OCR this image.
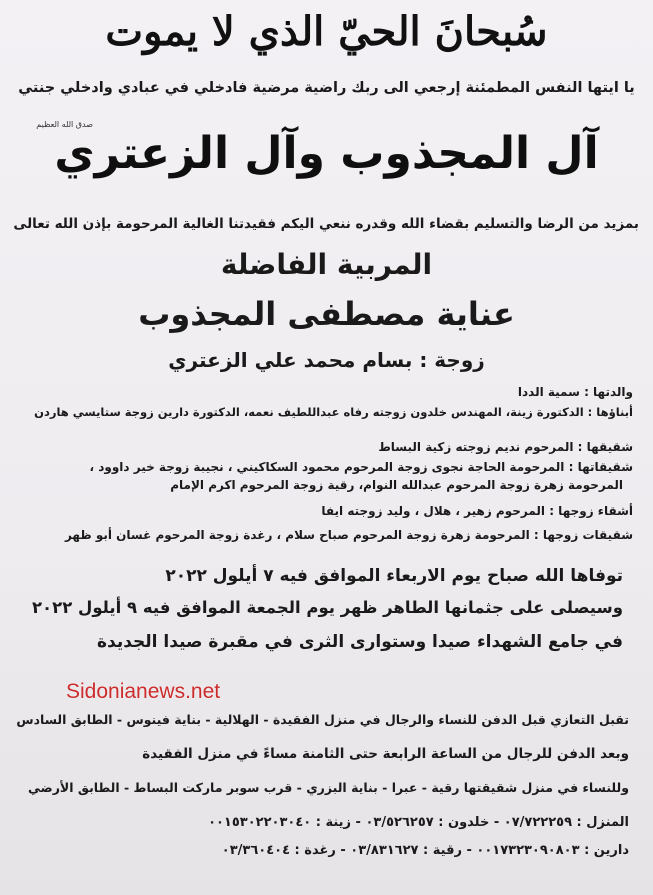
سُبحانَ الحيّ الذي لا يموت
يا ايتها النفس المطمئنة إرجعي الى ربك راضية مرضية فادخلي في عبادي وادخلي جنتي
صدق الله العظيم
آل المجذوب وآل الزعتري
بمزيد من الرضا والتسليم بقضاء الله وقدره ننعي اليكم فقيدتنا الغالية المرحومة بإذن الله تعالى
المربية الفاضلة
عناية مصطفى المجذوب
زوجة : بسام محمد علي الزعتري
والدتها : سمية الددا
أبناؤها : الدكتورة زينة، المهندس خلدون زوجته رفاه عبداللطيف نعمه، الدكتورة دارين زوجة ستايسي هاردن
شقيقها : المرحوم نديم زوجته زكية البساط
شقيقاتها : المرحومة الحاجة نجوى زوجة المرحوم محمود السكاكيني ، نجيبة زوجة خير داوود ،
المرحومة زهرة زوجة المرحوم عبدالله النوام، رقية زوجة المرحوم اكرم الإمام
أشقاء زوجها : المرحوم زهير ، هلال ، وليد زوجته ايفا
شقيقات زوجها : المرحومة زهرة زوجة المرحوم صباح سلام ، رغدة زوجة المرحوم غسان أبو ظهر
توفاها الله صباح يوم الاربعاء الموافق فيه ٧ أيلول ٢٠٢٢
وسيصلى على جثمانها الطاهر ظهر يوم الجمعة الموافق فيه ٩ أيلول ٢٠٢٢
في جامع الشهداء صيدا وستوارى الثرى في مقبرة صيدا الجديدة
Sidonianews.net
تقبل التعازي قبل الدفن للنساء والرجال في منزل الفقيدة - الهلالية - بناية فينوس - الطابق السادس
وبعد الدفن للرجال من الساعة الرابعة حتى الثامنة مساءً في منزل الفقيدة
وللنساء في منزل شقيقتها رقية - عبرا - بناية البزري - قرب سوبر ماركت البساط - الطابق الأرضي
المنزل : ٠٧/٧٢٢٢٥٩ - خلدون : ٠٣/٥٢٦٢٥٧ - زينة : ٠٠١٥٣٠٢٢٠٣٠٤٠
دارين : ٠٠١٧٣٢٣٠٩٠٨٠٣ - رقية : ٠٣/٨٣١٦٢٧ - رغدة : ٠٣/٣٦٠٤٠٤
